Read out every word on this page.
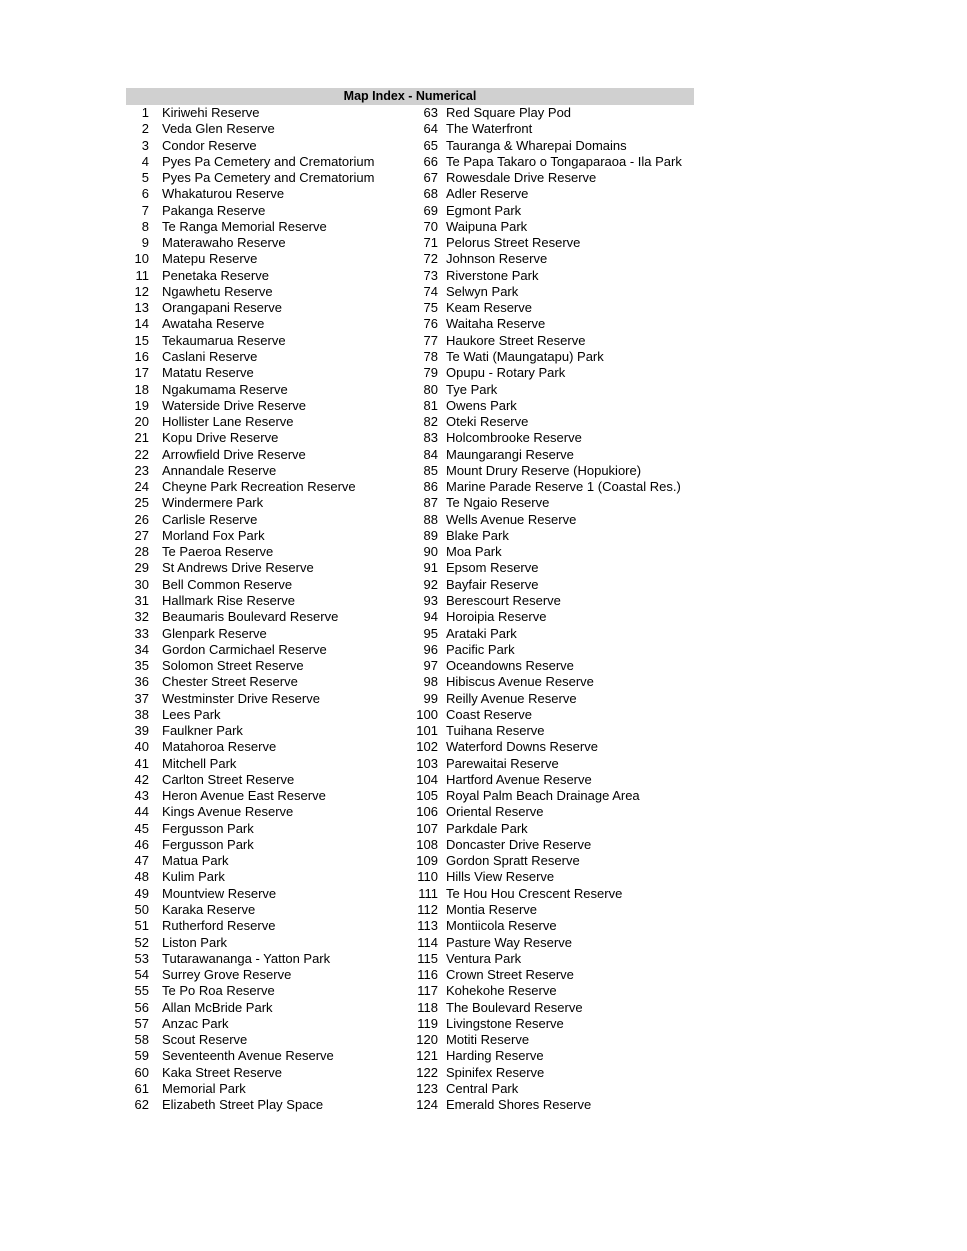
Map Index - Numerical
1 Kiriwehi Reserve
2 Veda Glen Reserve
3 Condor Reserve
4 Pyes Pa Cemetery and Crematorium
5 Pyes Pa Cemetery and Crematorium
6 Whakaturou Reserve
7 Pakanga Reserve
8 Te Ranga Memorial Reserve
9 Materawaho Reserve
10 Matepu Reserve
11 Penetaka Reserve
12 Ngawhetu Reserve
13 Orangapani Reserve
14 Awataha Reserve
15 Tekaumarua Reserve
16 Caslani Reserve
17 Matatu Reserve
18 Ngakumama Reserve
19 Waterside Drive Reserve
20 Hollister Lane Reserve
21 Kopu Drive Reserve
22 Arrowfield Drive Reserve
23 Annandale Reserve
24 Cheyne Park Recreation Reserve
25 Windermere Park
26 Carlisle Reserve
27 Morland Fox Park
28 Te Paeroa Reserve
29 St Andrews Drive Reserve
30 Bell Common Reserve
31 Hallmark Rise Reserve
32 Beaumaris Boulevard Reserve
33 Glenpark Reserve
34 Gordon Carmichael Reserve
35 Solomon Street Reserve
36 Chester Street Reserve
37 Westminster Drive Reserve
38 Lees Park
39 Faulkner Park
40 Matahoroa Reserve
41 Mitchell Park
42 Carlton Street Reserve
43 Heron Avenue East Reserve
44 Kings Avenue Reserve
45 Fergusson Park
46 Fergusson Park
47 Matua Park
48 Kulim Park
49 Mountview Reserve
50 Karaka Reserve
51 Rutherford Reserve
52 Liston Park
53 Tutarawananga - Yatton Park
54 Surrey Grove Reserve
55 Te Po Roa Reserve
56 Allan McBride Park
57 Anzac Park
58 Scout Reserve
59 Seventeenth Avenue Reserve
60 Kaka Street Reserve
61 Memorial Park
62 Elizabeth Street Play Space
63 Red Square Play Pod
64 The Waterfront
65 Tauranga & Wharepai Domains
66 Te Papa Takaro o Tongaparaoa - Ila Park
67 Rowesdale Drive Reserve
68 Adler Reserve
69 Egmont Park
70 Waipuna Park
71 Pelorus Street Reserve
72 Johnson Reserve
73 Riverstone Park
74 Selwyn Park
75 Keam Reserve
76 Waitaha Reserve
77 Haukore Street Reserve
78 Te Wati (Maungatapu) Park
79 Opupu - Rotary Park
80 Tye Park
81 Owens Park
82 Oteki Reserve
83 Holcombrooke Reserve
84 Maungarangi Reserve
85 Mount Drury Reserve (Hopukiore)
86 Marine Parade Reserve 1 (Coastal Res.)
87 Te Ngaio Reserve
88 Wells Avenue Reserve
89 Blake Park
90 Moa Park
91 Epsom Reserve
92 Bayfair Reserve
93 Berescourt Reserve
94 Horoipia Reserve
95 Arataki Park
96 Pacific Park
97 Oceandowns Reserve
98 Hibiscus Avenue Reserve
99 Reilly Avenue Reserve
100 Coast Reserve
101 Tuihana Reserve
102 Waterford Downs Reserve
103 Parewaitai Reserve
104 Hartford Avenue Reserve
105 Royal Palm Beach Drainage Area
106 Oriental Reserve
107 Parkdale Park
108 Doncaster Drive Reserve
109 Gordon Spratt Reserve
110 Hills View Reserve
111 Te Hou Hou Crescent Reserve
112 Montia Reserve
113 Montiicola Reserve
114 Pasture Way Reserve
115 Ventura Park
116 Crown Street Reserve
117 Kohekohe Reserve
118 The Boulevard Reserve
119 Livingstone Reserve
120 Motiti Reserve
121 Harding Reserve
122 Spinifex Reserve
123 Central Park
124 Emerald Shores Reserve
